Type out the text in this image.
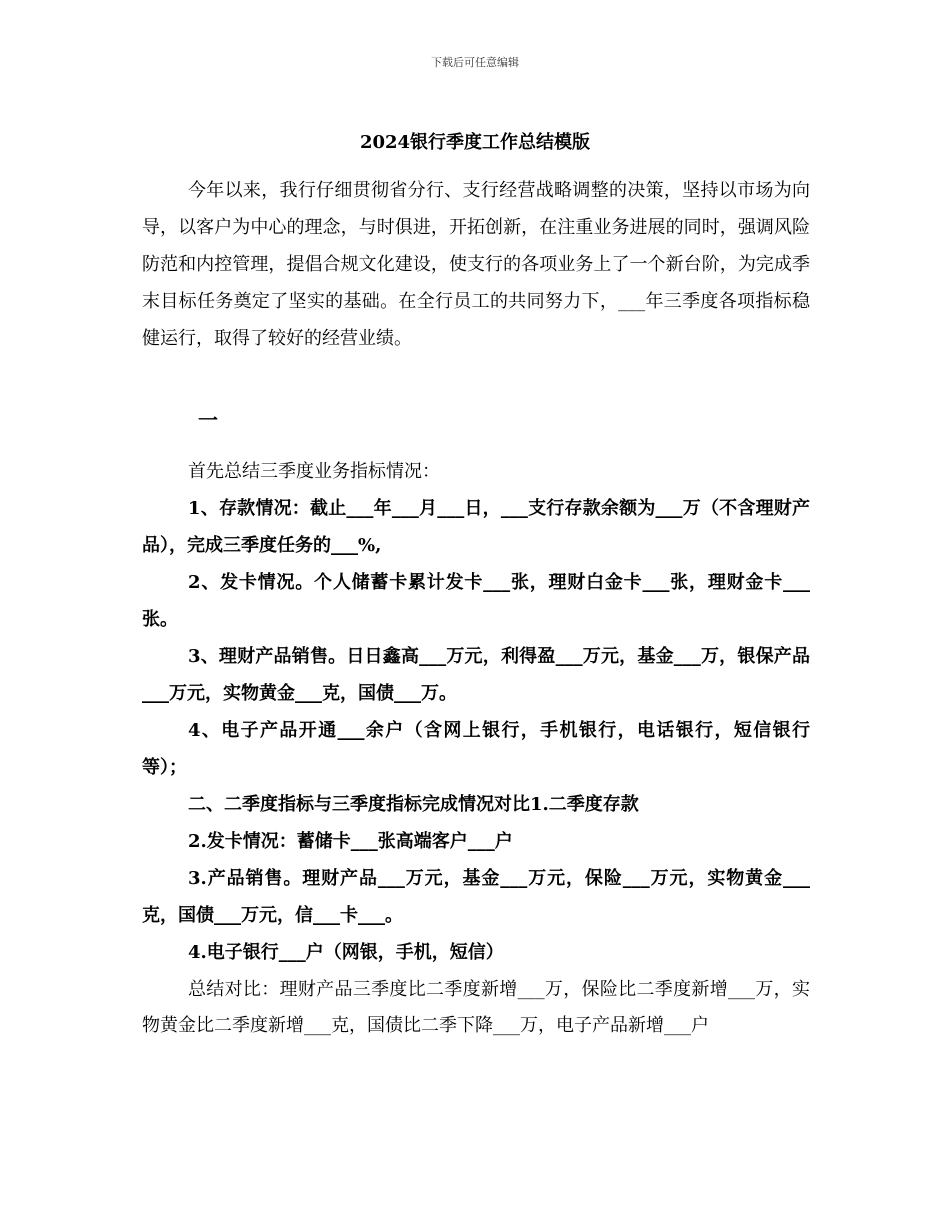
下载后可任意编辑
2024银行季度工作总结模版
今年以来，我行仔细贯彻省分行、支行经营战略调整的决策，坚持以市场为向导，以客户为中心的理念，与时俱进，开拓创新，在注重业务进展的同时，强调风险防范和内控管理，提倡合规文化建设，使支行的各项业务上了一个新台阶，为完成季末目标任务奠定了坚实的基础。在全行员工的共同努力下，___年三季度各项指标稳健运行，取得了较好的经营业绩。
一
首先总结三季度业务指标情况：
1、存款情况：截止___年___月___日，___支行存款余额为___万（不含理财产品），完成三季度任务的___%,
2、发卡情况。个人储蓄卡累计发卡___张，理财白金卡___张，理财金卡___张。
3、理财产品销售。日日鑫高___万元，利得盈___万元，基金___万，银保产品___万元，实物黄金___克，国债___万。
4、电子产品开通___余户（含网上银行，手机银行，电话银行，短信银行等）；
二、二季度指标与三季度指标完成情况对比1.二季度存款
2.发卡情况：蓄储卡___张高端客户___户
3.产品销售。理财产品___万元，基金___万元，保险___万元，实物黄金___克，国债___万元，信___卡___。
4.电子银行___户（网银，手机，短信）
总结对比：理财产品三季度比二季度新增___万，保险比二季度新增___万，实物黄金比二季度新增___克，国债比二季下降___万，电子产品新增___户
